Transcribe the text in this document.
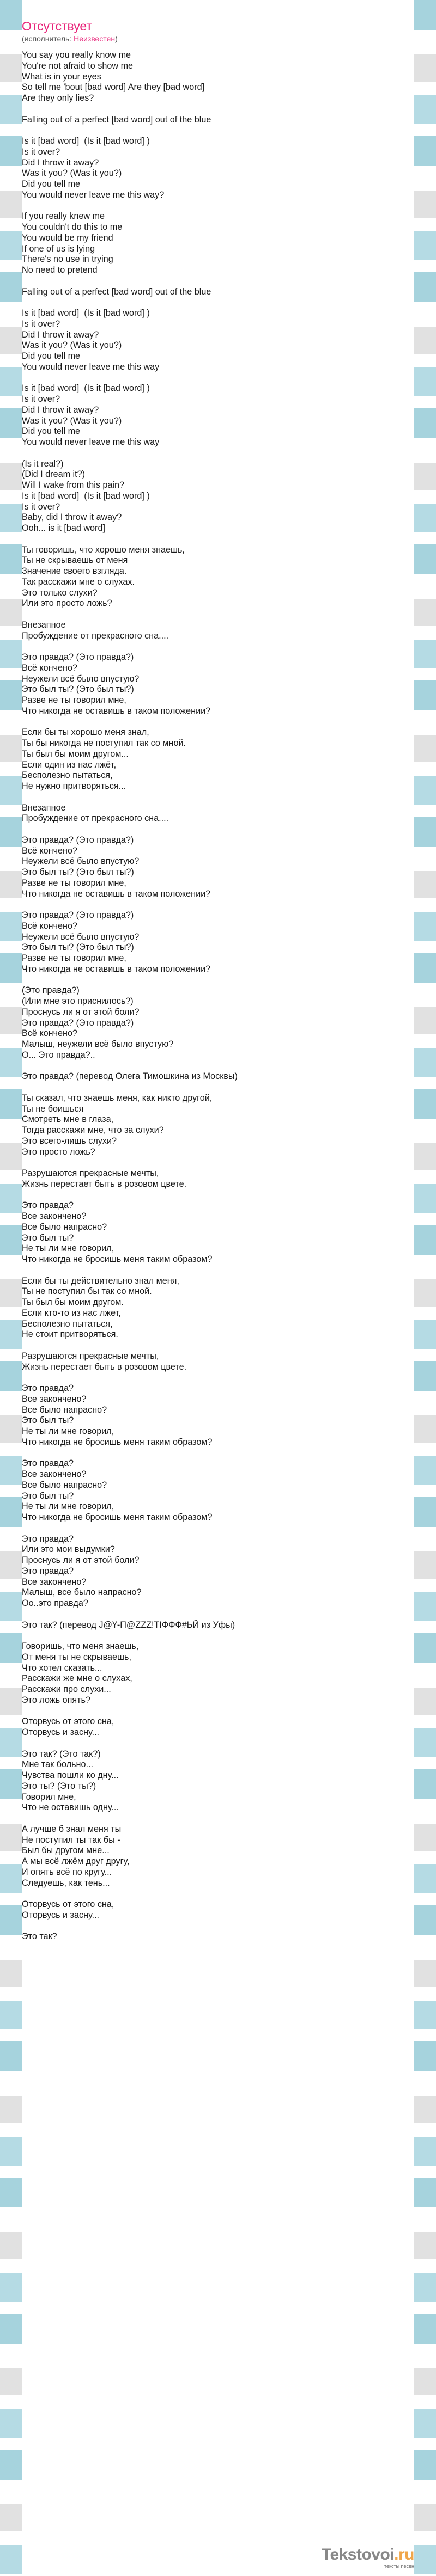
Отсутствует
(исполнитель: Неизвестен)
You say you really know me
You're not afraid to show me
What is in your eyes
So tell me 'bout [bad word] Are they [bad word]
Are they only lies?

Falling out of a perfect [bad word] out of the blue

Is it [bad word]  (Is it [bad word] )
Is it over?
Did I throw it away?
Was it you? (Was it you?)
Did you tell me
You would never leave me this way?

If you really knew me
You couldn't do this to me
You would be my friend
If one of us is lying
There's no use in trying
No need to pretend

Falling out of a perfect [bad word] out of the blue

Is it [bad word]  (Is it [bad word] )
Is it over?
Did I throw it away?
Was it you? (Was it you?)
Did you tell me
You would never leave me this way

Is it [bad word]  (Is it [bad word] )
Is it over?
Did I throw it away?
Was it you? (Was it you?)
Did you tell me
You would never leave me this way

(Is it real?)
(Did I dream it?)
Will I wake from this pain?
Is it [bad word]  (Is it [bad word] )
Is it over?
Baby, did I throw it away?
Ooh... is it [bad word]

Ты говоришь, что хорошо меня знаешь,
Ты не скрываешь от меня
Значение своего взгляда.
Так расскажи мне о слухах.
Это только слухи?
Или это просто ложь?

Внезапное
Пробуждение от прекрасного сна....

Это правда? (Это правда?)
Всё кончено?
Неужели всё было впустую?
Это был ты? (Это был ты?)
Разве не ты говорил мне,
Что никогда не оставишь в таком положении?

Если бы ты хорошо меня знал,
Ты бы никогда не поступил так со мной.
Ты был бы моим другом...
Если один из нас лжёт,
Бесполезно пытаться,
Не нужно притворяться...

Внезапное
Пробуждение от прекрасного сна....

Это правда? (Это правда?)
Всё кончено?
Неужели всё было впустую?
Это был ты? (Это был ты?)
Разве не ты говорил мне,
Что никогда не оставишь в таком положении?

Это правда? (Это правда?)
Всё кончено?
Неужели всё было впустую?
Это был ты? (Это был ты?)
Разве не ты говорил мне,
Что никогда не оставишь в таком положении?

(Это правда?)
(Или мне это приснилось?)
Проснусь ли я от этой боли?
Это правда? (Это правда?)
Всё кончено?
Малыш, неужели всё было впустую?
О... Это правда?..

Это правда? (перевод Олега Тимошкина из Москвы)

Ты сказал, что знаешь меня, как никто другой,
Ты не боишься
Смотреть мне в глаза,
Тогда расскажи мне, что за слухи?
Это всего-лишь слухи?
Это просто ложь?

Разрушаются прекрасные мечты,
Жизнь перестает быть в розовом цвете.

Это правда?
Все закончено?
Все было напрасно?
Это был ты?
Не ты ли мне говорил,
Что никогда не бросишь меня таким образом?

Если бы ты действительно знал меня,
Ты не поступил бы так со мной.
Ты был бы моим другом.
Если кто-то из нас лжет,
Бесполезно пытаться,
Не стоит притворяться.

Разрушаются прекрасные мечты,
Жизнь перестает быть в розовом цвете.

Это правда?
Все закончено?
Все было напрасно?
Это был ты?
Не ты ли мне говорил,
Что никогда не бросишь меня таким образом?

Это правда?
Все закончено?
Все было напрасно?
Это был ты?
Не ты ли мне говорил,
Что никогда не бросишь меня таким образом?

Это правда?
Или это мои выдумки?
Проснусь ли я от этой боли?
Это правда?
Все закончено?
Малыш, все было напрасно?
Оо..это правда?

Это так? (перевод Ј@Ү-П@ZZZ!TIФФФ#ЬЙ из Уфы)

Говоришь, что меня знаешь,
От меня ты не скрываешь,
Что хотел сказать...
Расскажи же мне о слухах,
Расскажи про слухи...
Это ложь опять?

Оторвусь от этого сна,
Оторвусь и засну...

Это так? (Это так?)
Мне так больно...
Чувства пошли ко дну...
Это ты? (Это ты?)
Говорил мне,
Что не оставишь одну...

А лучше б знал меня ты
Не поступил ты так бы -
Был бы другом мне...
А мы всё лжём друг другу,
И опять всё по кругу...
Следуешь, как тень...

Оторвусь от этого сна,
Оторвусь и засну...

Это так?
Tekstovoi.ru
тексты песен
